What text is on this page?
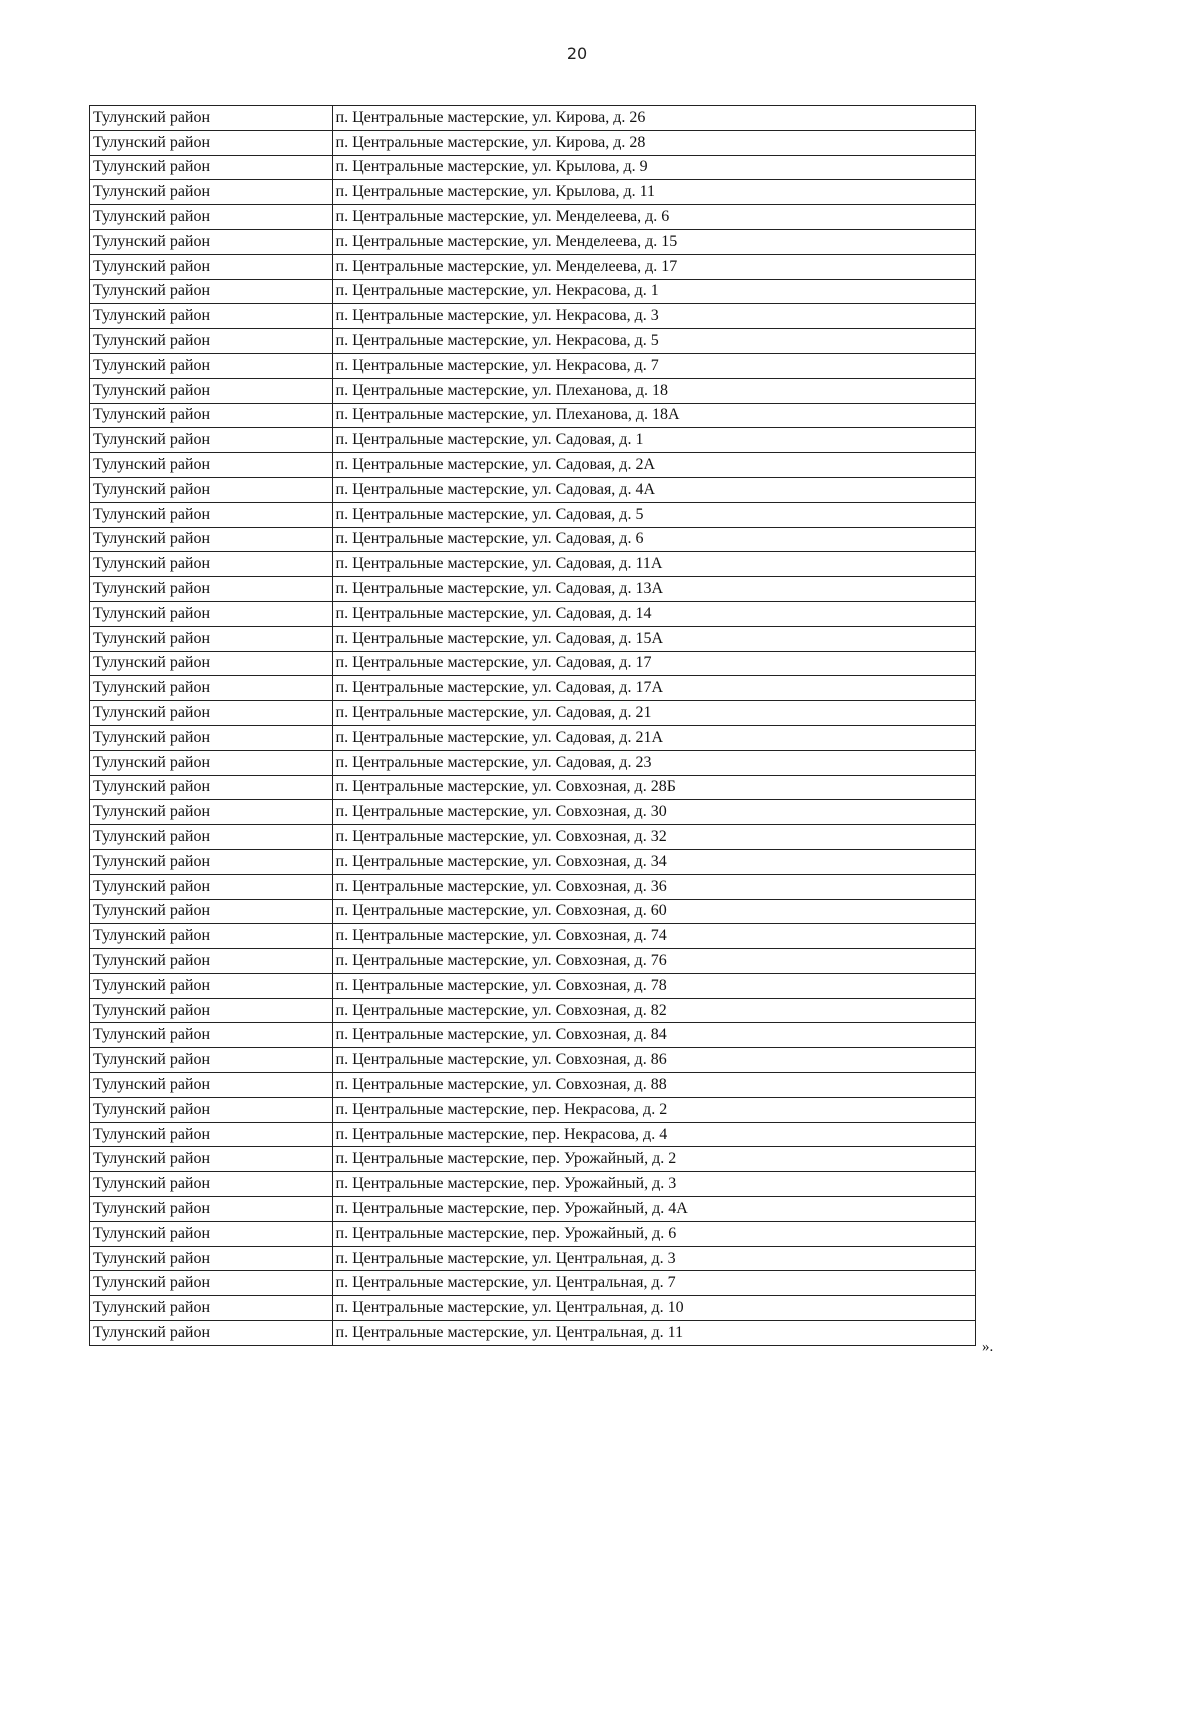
20
Тулунский район	п. Центральные мастерские, ул. Кирова, д. 26
Тулунский район	п. Центральные мастерские, ул. Кирова, д. 28
Тулунский район	п. Центральные мастерские, ул. Крылова, д. 9
Тулунский район	п. Центральные мастерские, ул. Крылова, д. 11
Тулунский район	п. Центральные мастерские, ул. Менделеева, д. 6
Тулунский район	п. Центральные мастерские, ул. Менделеева, д. 15
Тулунский район	п. Центральные мастерские, ул. Менделеева, д. 17
Тулунский район	п. Центральные мастерские, ул. Некрасова, д. 1
Тулунский район	п. Центральные мастерские, ул. Некрасова, д. 3
Тулунский район	п. Центральные мастерские, ул. Некрасова, д. 5
Тулунский район	п. Центральные мастерские, ул. Некрасова, д. 7
Тулунский район	п. Центральные мастерские, ул. Плеханова, д. 18
Тулунский район	п. Центральные мастерские, ул. Плеханова, д. 18А
Тулунский район	п. Центральные мастерские, ул. Садовая, д. 1
Тулунский район	п. Центральные мастерские, ул. Садовая, д. 2А
Тулунский район	п. Центральные мастерские, ул. Садовая, д. 4А
Тулунский район	п. Центральные мастерские, ул. Садовая, д. 5
Тулунский район	п. Центральные мастерские, ул. Садовая, д. 6
Тулунский район	п. Центральные мастерские, ул. Садовая, д. 11А
Тулунский район	п. Центральные мастерские, ул. Садовая, д. 13А
Тулунский район	п. Центральные мастерские, ул. Садовая, д. 14
Тулунский район	п. Центральные мастерские, ул. Садовая, д. 15А
Тулунский район	п. Центральные мастерские, ул. Садовая, д. 17
Тулунский район	п. Центральные мастерские, ул. Садовая, д. 17А
Тулунский район	п. Центральные мастерские, ул. Садовая, д. 21
Тулунский район	п. Центральные мастерские, ул. Садовая, д. 21А
Тулунский район	п. Центральные мастерские, ул. Садовая, д. 23
Тулунский район	п. Центральные мастерские, ул. Совхозная, д. 28Б
Тулунский район	п. Центральные мастерские, ул. Совхозная, д. 30
Тулунский район	п. Центральные мастерские, ул. Совхозная, д. 32
Тулунский район	п. Центральные мастерские, ул. Совхозная, д. 34
Тулунский район	п. Центральные мастерские, ул. Совхозная, д. 36
Тулунский район	п. Центральные мастерские, ул. Совхозная, д. 60
Тулунский район	п. Центральные мастерские, ул. Совхозная, д. 74
Тулунский район	п. Центральные мастерские, ул. Совхозная, д. 76
Тулунский район	п. Центральные мастерские, ул. Совхозная, д. 78
Тулунский район	п. Центральные мастерские, ул. Совхозная, д. 82
Тулунский район	п. Центральные мастерские, ул. Совхозная, д. 84
Тулунский район	п. Центральные мастерские, ул. Совхозная, д. 86
Тулунский район	п. Центральные мастерские, ул. Совхозная, д. 88
Тулунский район	п. Центральные мастерские, пер. Некрасова, д. 2
Тулунский район	п. Центральные мастерские, пер. Некрасова, д. 4
Тулунский район	п. Центральные мастерские, пер. Урожайный, д. 2
Тулунский район	п. Центральные мастерские, пер. Урожайный, д. 3
Тулунский район	п. Центральные мастерские, пер. Урожайный, д. 4А
Тулунский район	п. Центральные мастерские, пер. Урожайный, д. 6
Тулунский район	п. Центральные мастерские, ул. Центральная, д. 3
Тулунский район	п. Центральные мастерские, ул. Центральная, д. 7
Тулунский район	п. Центральные мастерские, ул. Центральная, д. 10
Тулунский район	п. Центральные мастерские, ул. Центральная, д. 11
».
